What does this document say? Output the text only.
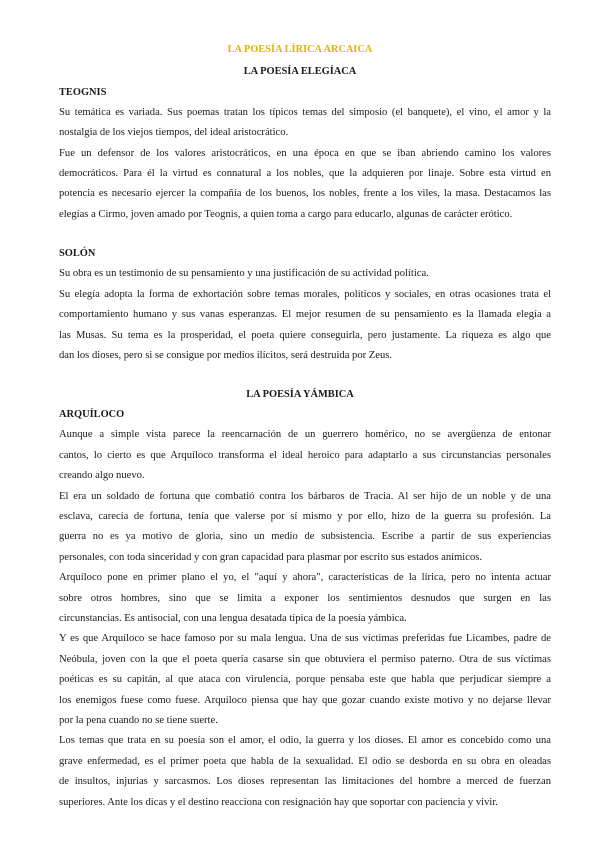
LA POESÍA LÍRICA ARCAICA

LA POESÍA ELEGÍACA

TEOGNIS

Su temática es variada. Sus poemas tratan los típicos temas del simposio (el banquete), el vino, el amor y la

nostalgia de los viejos tiempos, del ideal aristocrático.

Fue un defensor de los valores aristocráticos, en una época en que se iban abriendo camino los valores

democráticos. Para él la virtud es connatural a los nobles, que la adquieren por linaje. Sobre esta virtud en

potencia es necesario ejercer la compañía de los buenos, los nobles, frente a los viles, la masa. Destacamos las

elegías a Cirmo, joven amado por Teognis, a quien toma a cargo para educarlo, algunas de carácter erótico.

SOLÓN

Su obra es un testimonio de su pensamiento y una justificación de su actividad política.

Su elegía adopta la forma de exhortación sobre temas morales, políticos y sociales, en otras ocasiones trata el

comportamiento humano y sus vanas esperanzas. El mejor resumen de su pensamiento es la llamada elegía a

las Musas. Su tema es la prosperidad, el poeta quiere conseguirla, pero justamente. La riqueza es algo que

dan los dioses, pero si se consigue por medios ilícitos, será destruida por Zeus.

LA POESÍA YÁMBICA

ARQUÍLOCO

Aunque a simple vista parece la reencarnación de un guerrero homérico, no se avergüenza de entonar

cantos, lo cierto es que Arquíloco transforma el ideal heroico para adaptarlo a sus circunstancias personales

creando algo nuevo.

El era un soldado de fortuna que combatió contra los bárbaros de Tracia. Al ser hijo de un noble y de una

esclava, carecía de fortuna, tenía que valerse por sí mismo y por ello, hizo de la guerra su profesión. La

guerra no es ya motivo de gloria, sino un medio de subsistencia. Escribe a partir de sus experiencias

personales, con toda sinceridad y con gran capacidad para plasmar por escrito sus estados anímicos.

Arquíloco pone en primer plano el yo, el "aquí y ahora", características de la lírica, pero no intenta actuar

sobre otros hombres, sino que se limita a exponer los sentimientos desnudos que surgen en las

circunstancias. Es antisocial, con una lengua desatada típica de la poesía yámbica.

Y es que Arquíloco se hace famoso por su mala lengua. Una de sus víctimas preferidas fue Licambes, padre de

Neóbula, joven con la que el poeta quería casarse sin que obtuviera el permiso paterno. Otra de sus víctimas

poéticas es su capitán, al que ataca con virulencia, porque pensaba este que habla que perjudicar siempre a

los enemigos fuese como fuese. Arquíloco piensa que hay que gozar cuando existe motivo y no dejarse llevar

por la pena cuando no se tiene suerte.

Los temas que trata en su poesía son el amor, el odio, la guerra y los dioses. El amor es concebido como una

grave enfermedad, es el primer poeta que habla de la sexualidad. El odio se desborda en su obra en oleadas

de insultos, injurias y sarcasmos. Los dioses representan las limitaciones del hombre a merced de fuerzan

superiores. Ante los dicas y el destino reacciona con resignación hay que soportar con paciencia y vivir.
